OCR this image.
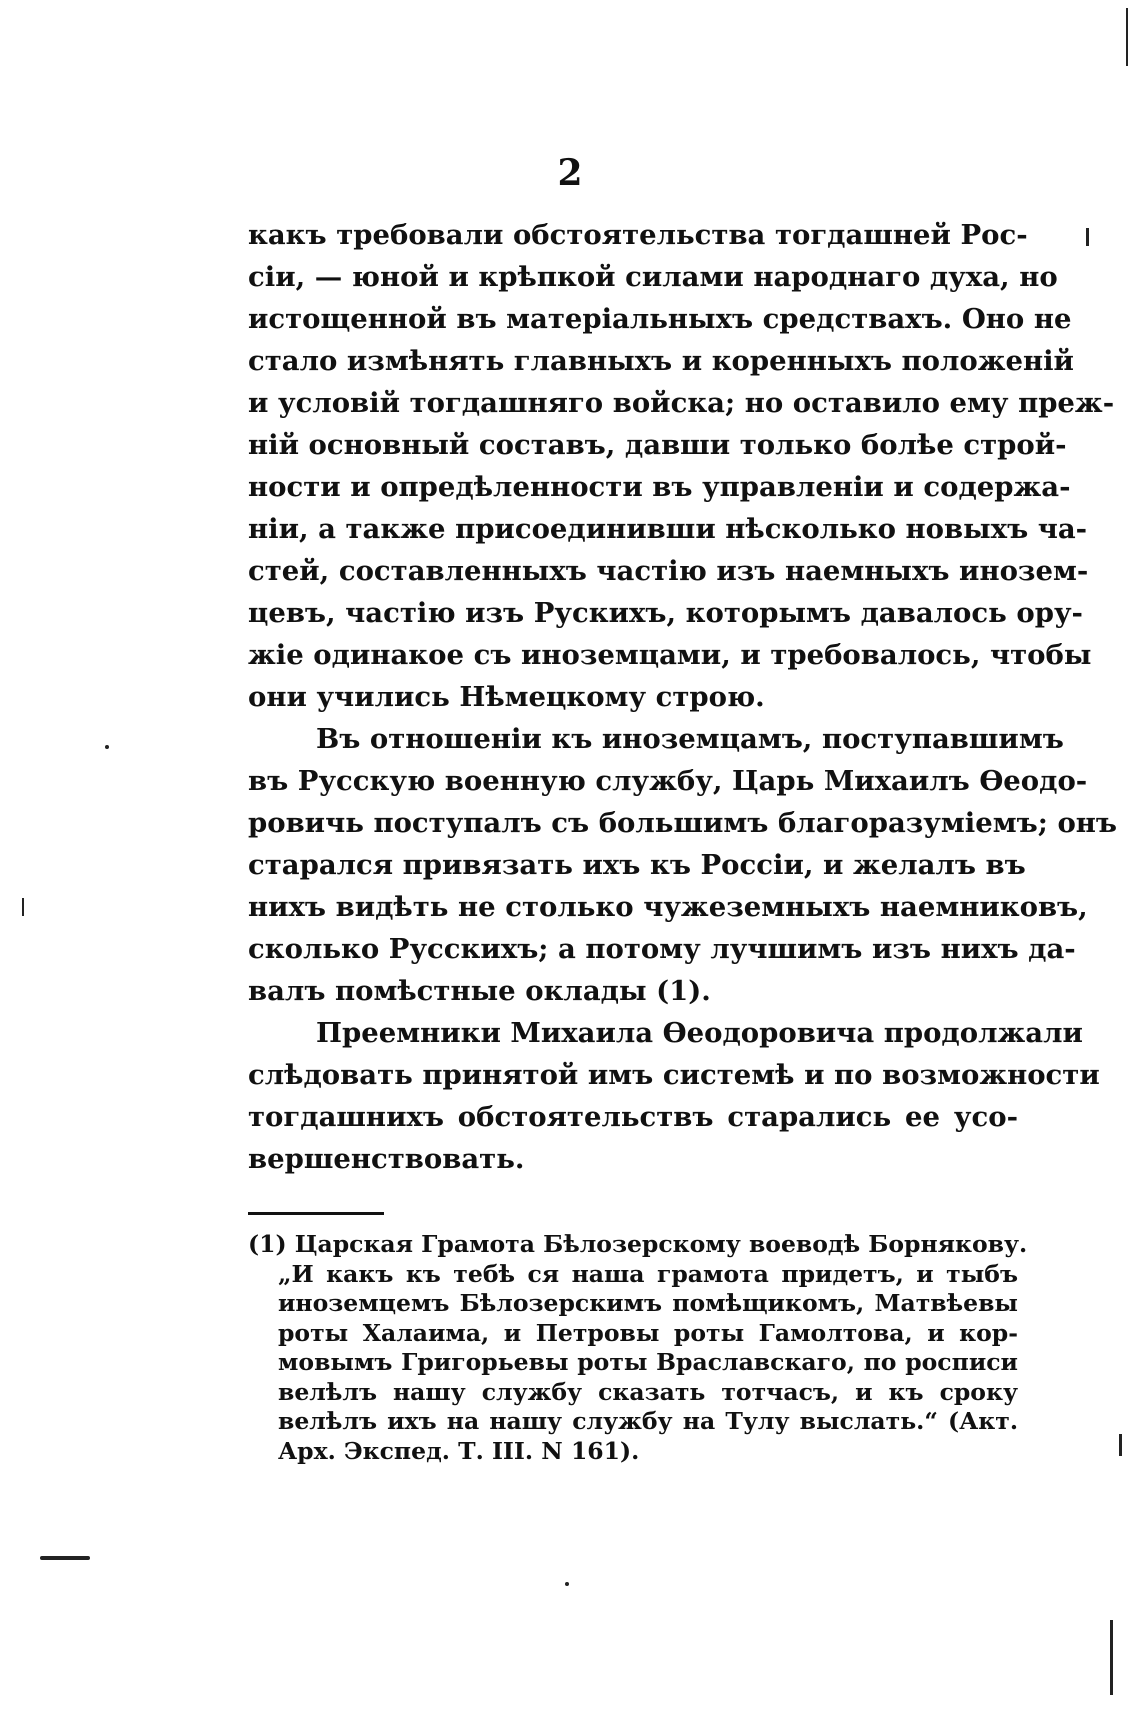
2
какъ требовали обстоятельства тогдашней Рос-
сіи, — юной и крѣпкой силами народнаго духа, но
истощенной въ матеріальныхъ средствахъ. Оно не
стало измѣнять главныхъ и коренныхъ положеній
и условій тогдашняго войска; но оставило ему преж-
ній основный составъ, давши только болѣе строй-
ности и опредѣленности въ управленіи и содержа-
ніи, а также присоединивши нѣсколько новыхъ ча-
стей, составленныхъ частію изъ наемныхъ инозем-
цевъ, частію изъ Рускихъ, которымъ давалось ору-
жіе одинакое съ иноземцами, и требовалось, чтобы
они учились Нѣмецкому строю.
Въ отношеніи къ иноземцамъ, поступавшимъ
въ Русскую военную службу, Царь Михаилъ Ѳеодо-
ровичь поступалъ съ большимъ благоразуміемъ; онъ
старался привязать ихъ къ Россіи, и желалъ въ
нихъ видѣть не столько чужеземныхъ наемниковъ,
сколько Русскихъ; а потому лучшимъ изъ нихъ да-
валъ помѣстные оклады (1).
Преемники Михаила Ѳеодоровича продолжали
слѣдовать принятой имъ системѣ и по возможности
тогдашнихъ обстоятельствъ старались ее усо-
вершенствовать.
(1) Царская Грамота Бѣлозерскому воеводѣ Борнякову.
„И какъ къ тебѣ ся наша грамота придетъ, и тыбъ
иноземцемъ Бѣлозерскимъ помѣщикомъ, Матвѣевы
роты Халаима, и Петровы роты Гамолтова, и кор-
мовымъ Григорьевы роты Враславскаго, по росписи
велѣлъ нашу службу сказать тотчасъ, и къ сроку
велѣлъ ихъ на нашу службу на Тулу выслать.“ (Акт.
Арх. Экспед. Т. III. N 161).
